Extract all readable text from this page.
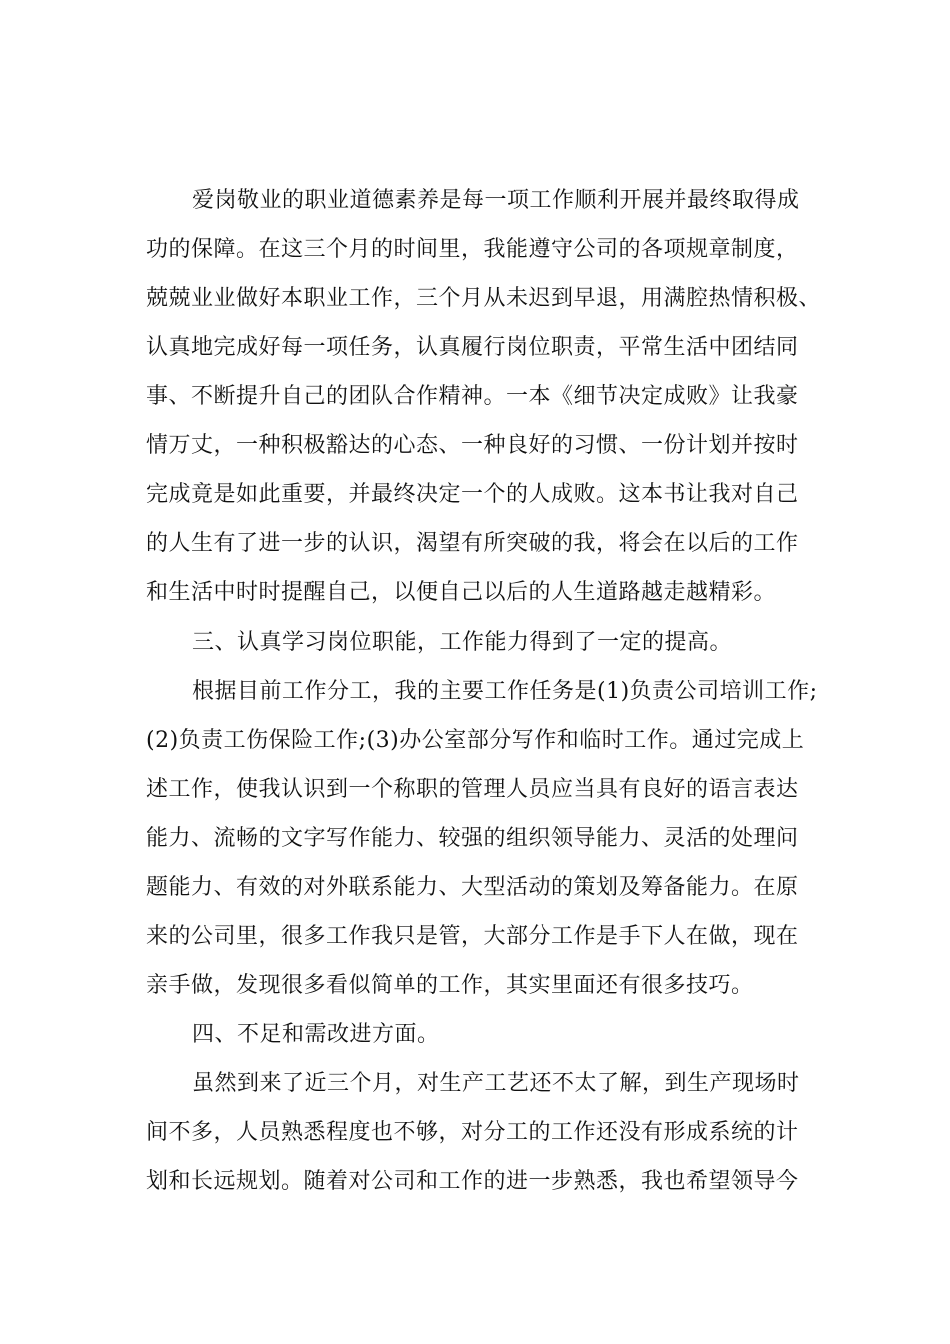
爱岗敬业的职业道德素养是每一项工作顺利开展并最终取得成

功的保障。在这三个月的时间里，我能遵守公司的各项规章制度，

兢兢业业做好本职业工作，三个月从未迟到早退，用满腔热情积极、

认真地完成好每一项任务，认真履行岗位职责，平常生活中团结同

事、不断提升自己的团队合作精神。一本《细节决定成败》让我豪

情万丈，一种积极豁达的心态、一种良好的习惯、一份计划并按时

完成竟是如此重要，并最终决定一个的人成败。这本书让我对自己

的人生有了进一步的认识，渴望有所突破的我，将会在以后的工作

和生活中时时提醒自己，以便自己以后的人生道路越走越精彩。

三、认真学习岗位职能，工作能力得到了一定的提高。

根据目前工作分工，我的主要工作任务是(1)负责公司培训工作;

(2)负责工伤保险工作;(3)办公室部分写作和临时工作。通过完成上

述工作，使我认识到一个称职的管理人员应当具有良好的语言表达

能力、流畅的文字写作能力、较强的组织领导能力、灵活的处理问

题能力、有效的对外联系能力、大型活动的策划及筹备能力。在原

来的公司里，很多工作我只是管，大部分工作是手下人在做，现在

亲手做，发现很多看似简单的工作，其实里面还有很多技巧。

四、不足和需改进方面。

虽然到来了近三个月，对生产工艺还不太了解，到生产现场时

间不多，人员熟悉程度也不够，对分工的工作还没有形成系统的计

划和长远规划。随着对公司和工作的进一步熟悉，我也希望领导今
